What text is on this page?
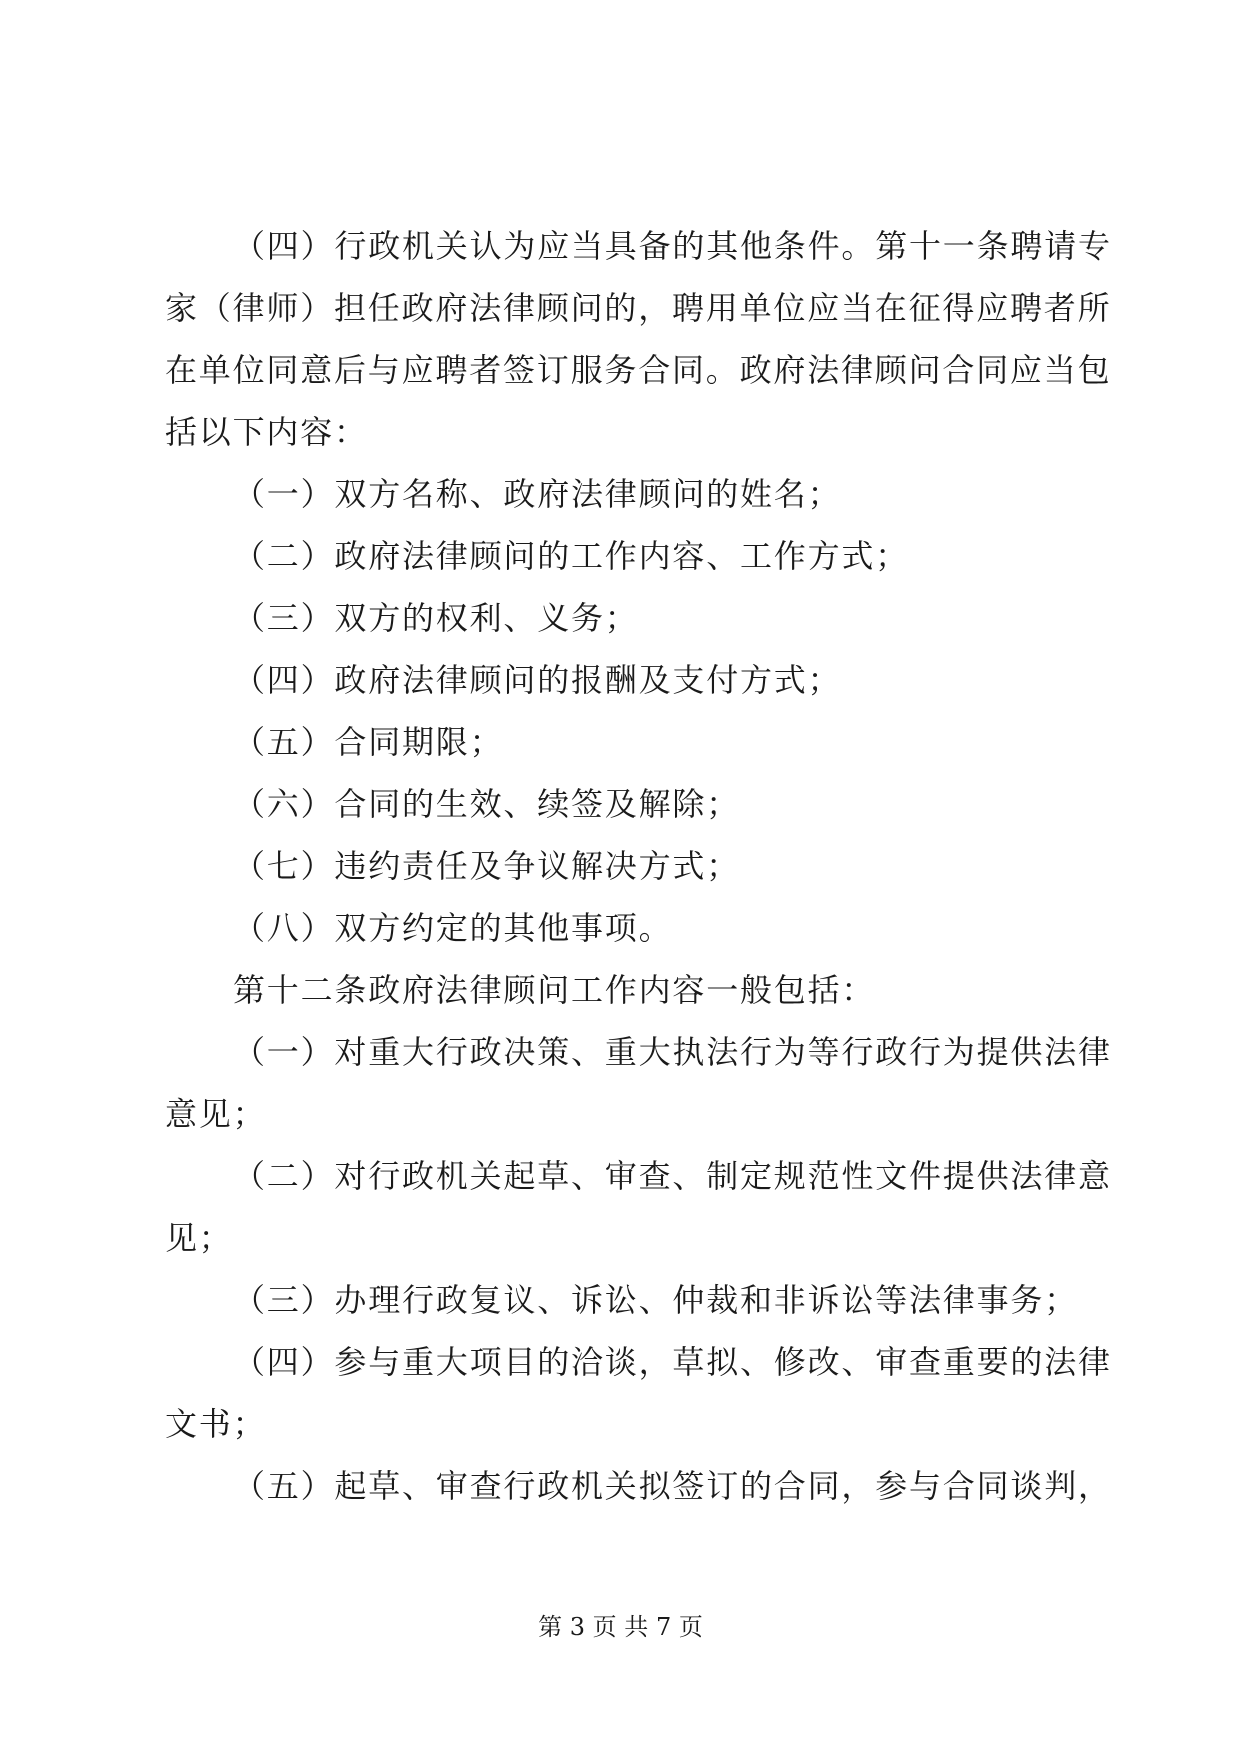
（四）行政机关认为应当具备的其他条件。第十一条聘请专
家（律师）担任政府法律顾问的，聘用单位应当在征得应聘者所
在单位同意后与应聘者签订服务合同。政府法律顾问合同应当包
括以下内容：
（一）双方名称、政府法律顾问的姓名；
（二）政府法律顾问的工作内容、工作方式；
（三）双方的权利、义务；
（四）政府法律顾问的报酬及支付方式；
（五）合同期限；
（六）合同的生效、续签及解除；
（七）违约责任及争议解决方式；
（八）双方约定的其他事项。
第十二条政府法律顾问工作内容一般包括：
（一）对重大行政决策、重大执法行为等行政行为提供法律
意见；
（二）对行政机关起草、审查、制定规范性文件提供法律意
见；
（三）办理行政复议、诉讼、仲裁和非诉讼等法律事务；
（四）参与重大项目的洽谈，草拟、修改、审查重要的法律
文书；
（五）起草、审查行政机关拟签订的合同，参与合同谈判，
第 3 页 共 7 页
